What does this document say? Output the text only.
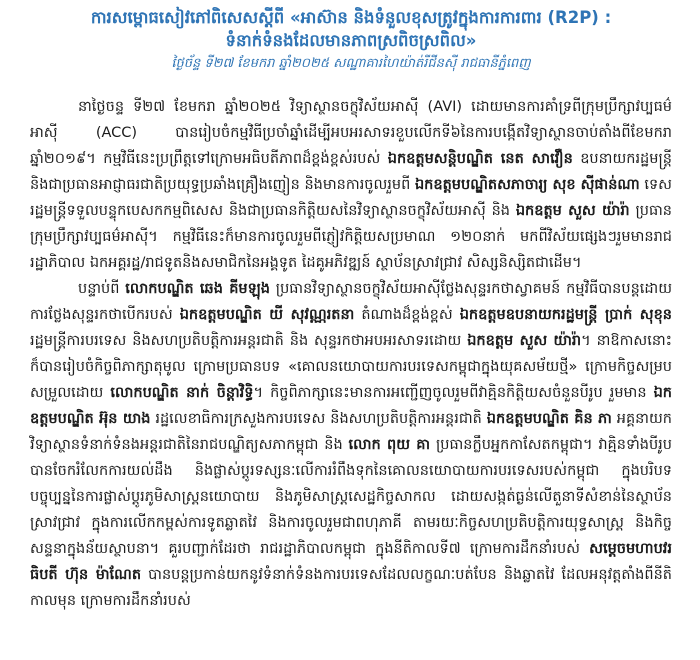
ការសម្ពោធសៀវភៅពិសេសស្តីពី «អាស៊ាន និងទំនួលខុសត្រូវក្នុងការការពារ (R2P) :
ទំនាក់ទំនងដែលមានភាពស្រពិចស្រពិល»
ថ្ងៃច័ន្ទ ទី២៧ ខែមករា ឆ្នាំ២០២៥ សណ្ឋាគារហៃយ៉ាត់រីជីនស៊ី រាជធានីភ្នំពេញ

នាថ្ងៃចន្ទ ទី២៧ ខែមករា ឆ្នាំ២០២៥ វិទ្យាស្ថានចក្ខុវិស័យអាស៊ី (AVI) ដោយមានការគាំទ្រពីក្រុមប្រឹក្សាវប្បធម៌អាស៊ី (ACC) បានរៀបចំកម្មវិធីប្រចាំឆ្នាំដើម្បីអបអរសាទរខួបលើកទី៦នៃការបង្កើតវិទ្យាស្ថានចាប់តាំងពីខែមករា ឆ្នាំ២០១៩។ កម្មវិធីនេះប្រព្រឹត្តទៅក្រោមអធិបតីភាពដ៏ខ្ពង់ខ្ពស់របស់ ឯកឧត្តមសន្តិបណ្ឌិត នេត សាវឿន ឧបនាយករដ្ឋមន្ត្រី និងជាប្រធានអាជ្ញាធរជាតិប្រយុទ្ធប្រឆាំងគ្រឿងញៀន និងមានការចូលរួមពី ឯកឧត្តមបណ្ឌិតសភាចារ្យ សុខ ស៊ីផាន់ណា ទេសរដ្ឋមន្ត្រីទទួលបន្ទុកបេសកកម្មពិសេស និងជាប្រធានកិត្តិយសនៃវិទ្យាស្ថានចក្ខុវិស័យអាស៊ី និង ឯកឧត្តម សួស យ៉ារ៉ា ប្រធានក្រុមប្រឹក្សាវប្បធម៌អាស៊ី។ កម្មវិធីនេះក៏មានការចូលរួមពីភ្ញៀវកិត្តិយសប្រមាណ ១២០នាក់ មកពីវិស័យផ្សេងៗរួមមានរាជរដ្ឋាភិបាល ឯកអគ្គរដ្ឋ/រាជទូតនិងសមាជិកនៃអង្គទូត ដៃគូអភិវឌ្ឍន៍ ស្ថាប័នស្រាវជ្រាវ សិស្សនិស្សិតជាដើម។

បន្ទាប់ពី លោកបណ្ឌិត ឆេង គីមឡុង ប្រធានវិទ្យាស្ថានចក្ខុវិស័យអាស៊ីថ្លែងសុន្ទរកថាស្វាគមន៍ កម្មវិធីបានបន្តដោយការថ្លែងសុន្ទរកថាបើករបស់ ឯកឧត្តមបណ្ឌិត យី សុវណ្ណរតនា តំណាងដ៏ខ្ពង់ខ្ពស់ ឯកឧត្តមឧបនាយករដ្ឋមន្ត្រី ប្រាក់ សុខុន រដ្ឋមន្ត្រីការបរទេស និងសហប្រតិបត្តិការអន្តរជាតិ និង សុន្ទរកថាអបអរសាទរដោយ ឯកឧត្តម សួស យ៉ារ៉ា។ នាឱកាសនោះក៏បានរៀបចំកិច្ចពិភាក្សាតុមូល ក្រោមប្រធានបទ «គោលនយោបាយការបរទេសកម្ពុជាក្នុងយុគសម័យថ្មី» ក្រោមកិច្ចសម្របសម្រួលដោយ លោកបណ្ឌិត នាក់ ចិន្តាវិទ្ធិ។ កិច្ចពិភាក្សានេះមានការអញ្ជើញចូលរួមពីវាគ្មិនកិត្តិយសចំនួនបីរូប រួមមាន ឯកឧត្តមបណ្ឌិត អ៊ុន យាង រដ្ឋលេខាធិការក្រសួងការបរទេស និងសហប្រតិបត្តិការអន្តរជាតិ ឯកឧត្តមបណ្ឌិត គិន ភា អគ្គនាយកវិទ្យាស្ថានទំនាក់ទំនងអន្តរជាតិនៃរាជបណ្ឌិត្យសភាកម្ពុជា និង លោក ពុយ គា ប្រធានក្លឹបអ្នកកាសែតកម្ពុជា។ វាគ្មិនទាំងបីរូប បានចែករំលែកការយល់ដឹង និងផ្លាស់ប្តូរទស្សនៈលើការរំពឹងទុកនៃគោលនយោបាយការបរទេសរបស់កម្ពុជា ក្នុងបរិបទបច្ចុប្បន្ននៃការផ្លាស់ប្តូរភូមិសាស្ត្រនយោបាយ និងភូមិសាស្ត្រសេដ្ឋកិច្ចសាកល ដោយសង្កត់ធ្ងន់លើតួនាទីសំខាន់នៃស្ថាប័នស្រាវជ្រាវ ក្នុងការលើកកម្ពស់ការទូតឆ្លាតវៃ និងការចូលរួមជាពហុភាគី តាមរយៈកិច្ចសហប្រតិបត្តិការយុទ្ធសាស្ត្រ និងកិច្ចសន្ទនាក្នុងន័យស្ថាបនា។ គួរបញ្ជាក់ដែរថា រាជរដ្ឋាភិបាលកម្ពុជា ក្នុងនីតិកាលទី៧ ក្រោមការដឹកនាំរបស់ សម្តេចមហាបវរធិបតី ហ៊ុន ម៉ាណែត បានបន្តប្រកាន់យកនូវទំនាក់ទំនងការបរទេសដែលលក្ខណៈបត់បែន និងឆ្លាតវៃ ដែលអនុវត្តតាំងពីនីតិកាលមុន ក្រោមការដឹកនាំរបស់
